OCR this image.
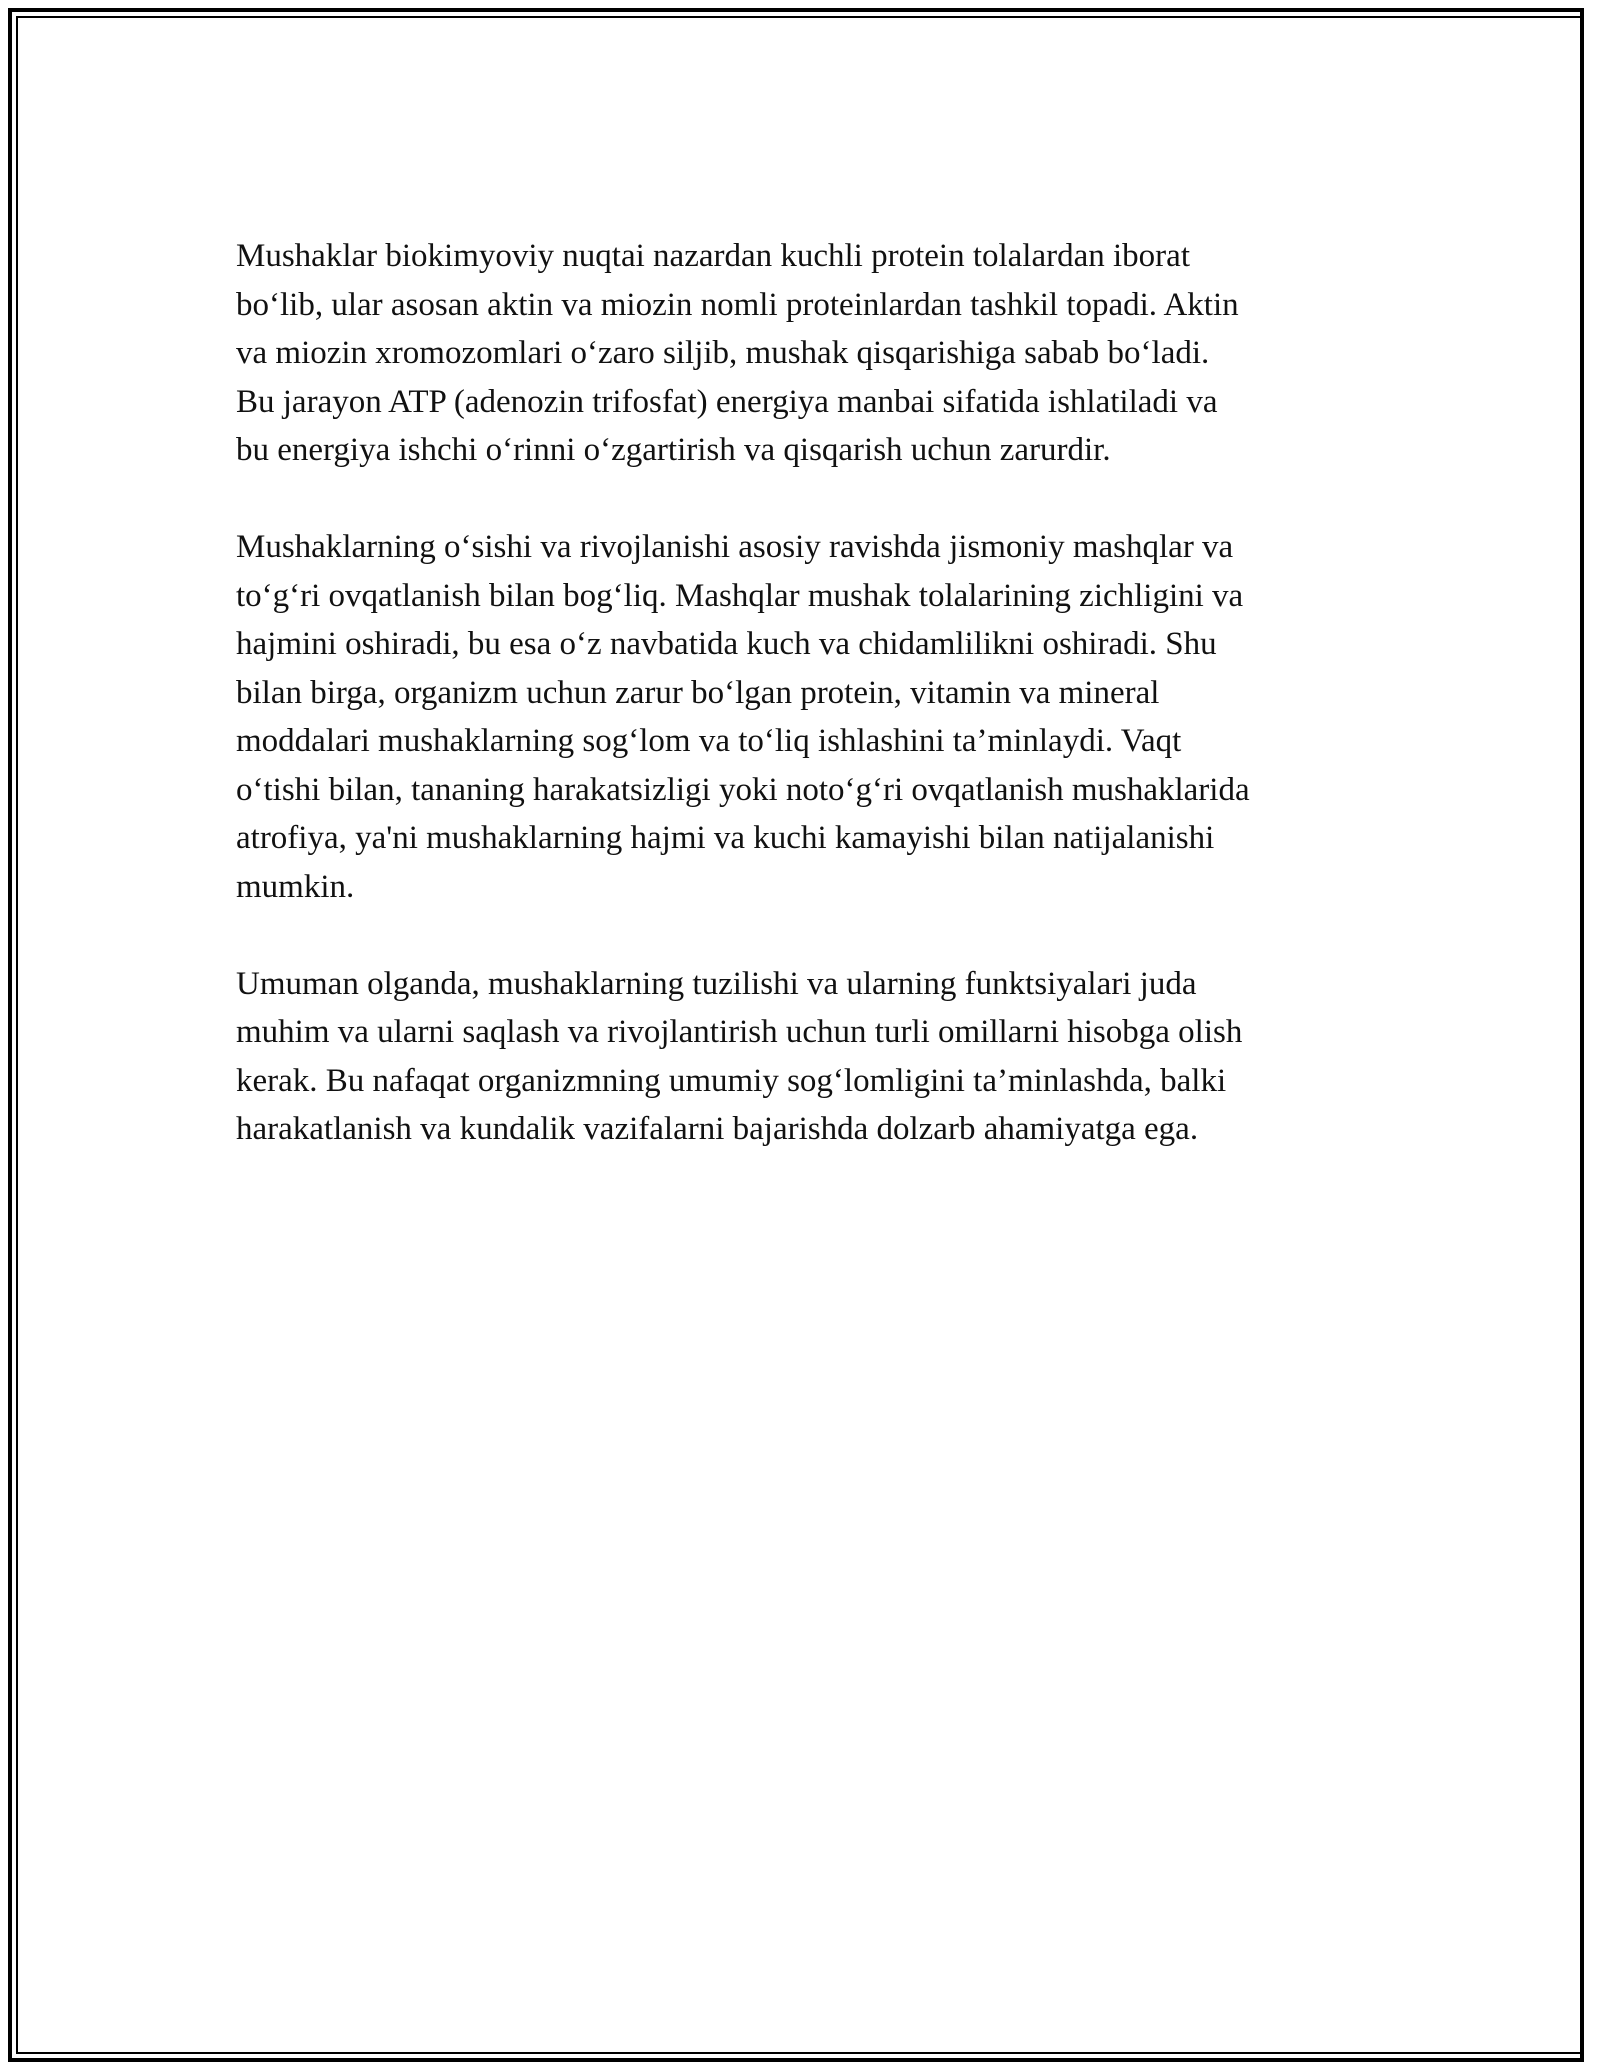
Mushaklar biokimyoviy nuqtai nazardan kuchli protein tolalardan iborat
bo‘lib, ular asosan aktin va miozin nomli proteinlardan tashkil topadi. Aktin
va miozin xromozomlari o‘zaro siljib, mushak qisqarishiga sabab bo‘ladi.
Bu jarayon ATP (adenozin trifosfat) energiya manbai sifatida ishlatiladi va
bu energiya ishchi o‘rinni o‘zgartirish va qisqarish uchun zarurdir.

Mushaklarning o‘sishi va rivojlanishi asosiy ravishda jismoniy mashqlar va
to‘g‘ri ovqatlanish bilan bog‘liq. Mashqlar mushak tolalarining zichligini va
hajmini oshiradi, bu esa o‘z navbatida kuch va chidamlilikni oshiradi. Shu
bilan birga, organizm uchun zarur bo‘lgan protein, vitamin va mineral
moddalari mushaklarning sog‘lom va to‘liq ishlashini ta’minlaydi. Vaqt
o‘tishi bilan, tananing harakatsizligi yoki noto‘g‘ri ovqatlanish mushaklarida
atrofiya, ya'ni mushaklarning hajmi va kuchi kamayishi bilan natijalanishi
mumkin.

Umuman olganda, mushaklarning tuzilishi va ularning funktsiyalari juda
muhim va ularni saqlash va rivojlantirish uchun turli omillarni hisobga olish
kerak. Bu nafaqat organizmning umumiy sog‘lomligini ta’minlashda, balki
harakatlanish va kundalik vazifalarni bajarishda dolzarb ahamiyatga ega.
